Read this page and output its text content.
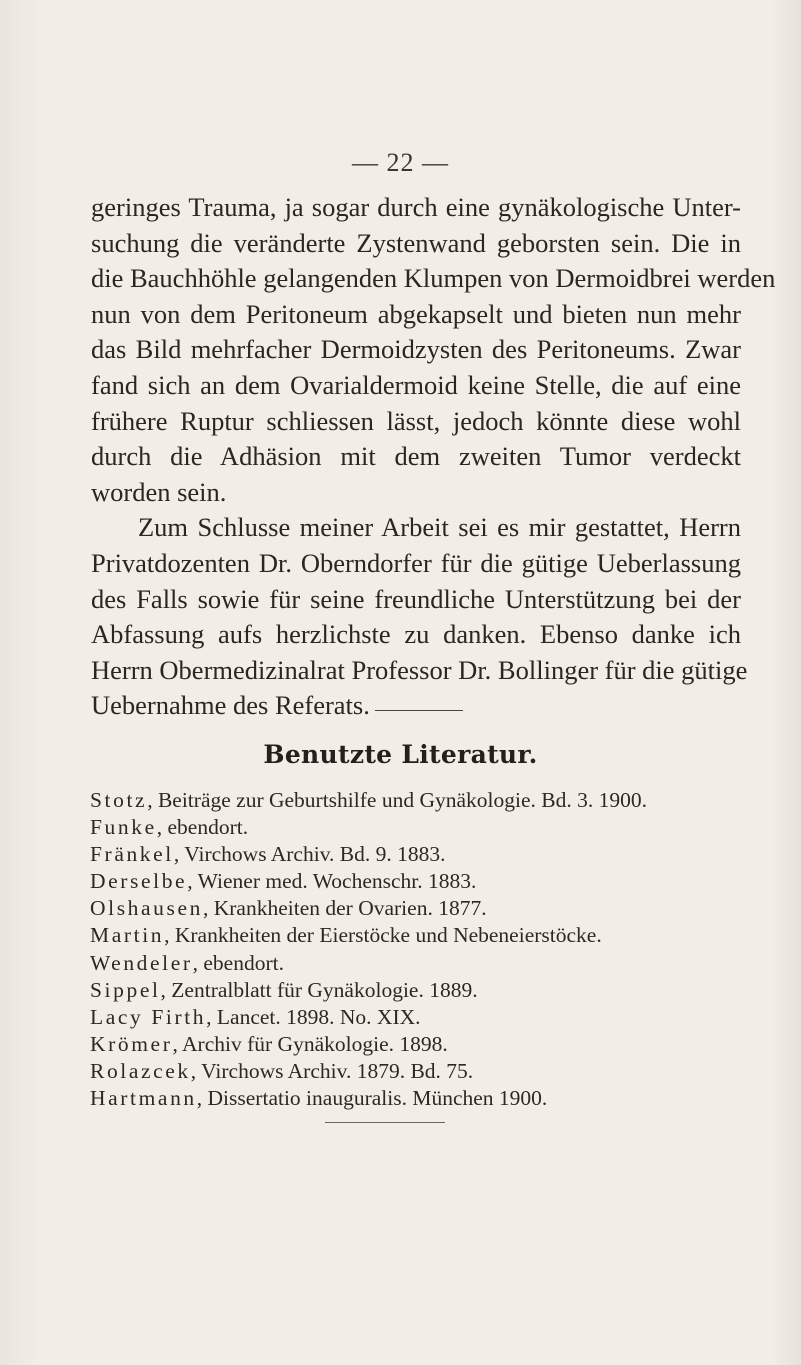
— 22 —

geringes Trauma, ja sogar durch eine gynäkologische Unter-
suchung die veränderte Zystenwand geborsten sein. Die in
die Bauchhöhle gelangenden Klumpen von Dermoidbrei werden
nun von dem Peritoneum abgekapselt und bieten nun mehr
das Bild mehrfacher Dermoidzysten des Peritoneums. Zwar
fand sich an dem Ovarialdermoid keine Stelle, die auf eine
frühere Ruptur schliessen lässt, jedoch könnte diese wohl
durch die Adhäsion mit dem zweiten Tumor verdeckt
worden sein.

Zum Schlusse meiner Arbeit sei es mir gestattet, Herrn
Privatdozenten Dr. Oberndorfer für die gütige Ueberlassung
des Falls sowie für seine freundliche Unterstützung bei der
Abfassung aufs herzlichste zu danken. Ebenso danke ich
Herrn Obermedizinalrat Professor Dr. Bollinger für die gütige
Uebernahme des Referats.

Benutzte Literatur.
Stotz, Beiträge zur Geburtshilfe und Gynäkologie. Bd. 3. 1900.
Funke, ebendort.
Fränkel, Virchows Archiv. Bd. 9. 1883.
Derselbe, Wiener med. Wochenschr. 1883.
Olshausen, Krankheiten der Ovarien. 1877.
Martin, Krankheiten der Eierstöcke und Nebeneierstöcke.
Wendeler, ebendort.
Sippel, Zentralblatt für Gynäkologie. 1889.
Lacy Firth, Lancet. 1898. No. XIX.
Krömer, Archiv für Gynäkologie. 1898.
Rolazcek, Virchows Archiv. 1879. Bd. 75.
Hartmann, Dissertatio inauguralis. München 1900.
